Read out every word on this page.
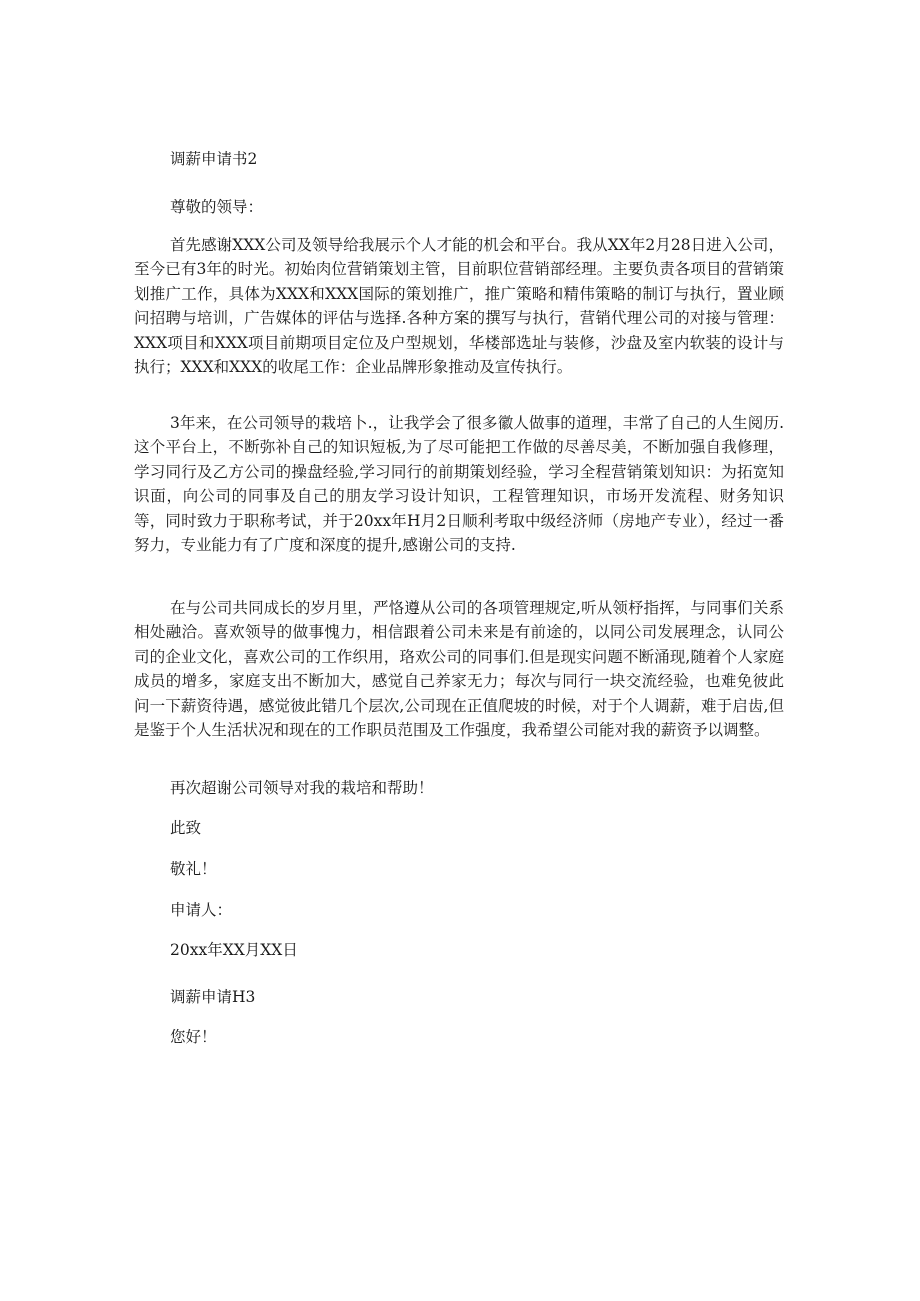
调薪申请书2
尊敬的领导：

首先感谢XXX公司及领导给我展示个人才能的机会和平台。我从XX年2月28日进入公司，至今已有3年的时光。初始肉位营销策划主管，目前职位营销部经理。主要负责各项目的营销策划推广工作，具体为XXX和XXX国际的策划推广，推广策略和精伟策略的制订与执行，置业顾问招聘与培训，广告媒体的评估与选择.各种方案的撰写与执行，营销代理公司的对接与管理：XXX项目和XXX项目前期项目定位及户型规划，华楼部选址与装修，沙盘及室内软装的设计与执行；XXX和XXX的收尾工作：企业品牌形象推动及宣传执行。

3年来，在公司领导的栽培卜.，让我学会了很多徽人做事的道理，丰常了自己的人生阅历.这个平台上，不断弥补自己的知识短板,为了尽可能把工作做的尽善尽美，不断加强自我修理，学习同行及乙方公司的操盘经验,学习同行的前期策划经验，学习全程营销策划知识：为拓宽知识面，向公司的同事及自己的朋友学习设计知识，工程管理知识，市场开发流程、财务知识等，同时致力于职称考试，并于20xx年H月2日顺利考取中级经济师（房地产专业），经过一番努力，专业能力有了广度和深度的提升,感谢公司的支持.

在与公司共同成长的岁月里，严恪遵从公司的各项管理规定,听从领杼指挥，与同事们关系相处融洽。喜欢领导的做事愧力，相信跟着公司未来是有前途的，以同公司发展理念，认同公司的企业文化，喜欢公司的工作织用，珞欢公司的同事们.但是现实问题不断涌现,随着个人家庭成员的增多，家庭支出不断加大，感觉自己养家无力；每次与同行一块交流经验，也难免彼此问一下薪资待遇，感觉彼此错几个层次,公司现在正值爬坡的时候，对于个人调薪，难于启齿,但是鉴于个人生活状况和现在的工作职员范围及工作强度，我希望公司能对我的薪资予以调整。

再次超谢公司领导对我的栽培和帮助！
此致
敬礼！
申请人：
20xx年XX月XX日
调薪申请H3
您好！
